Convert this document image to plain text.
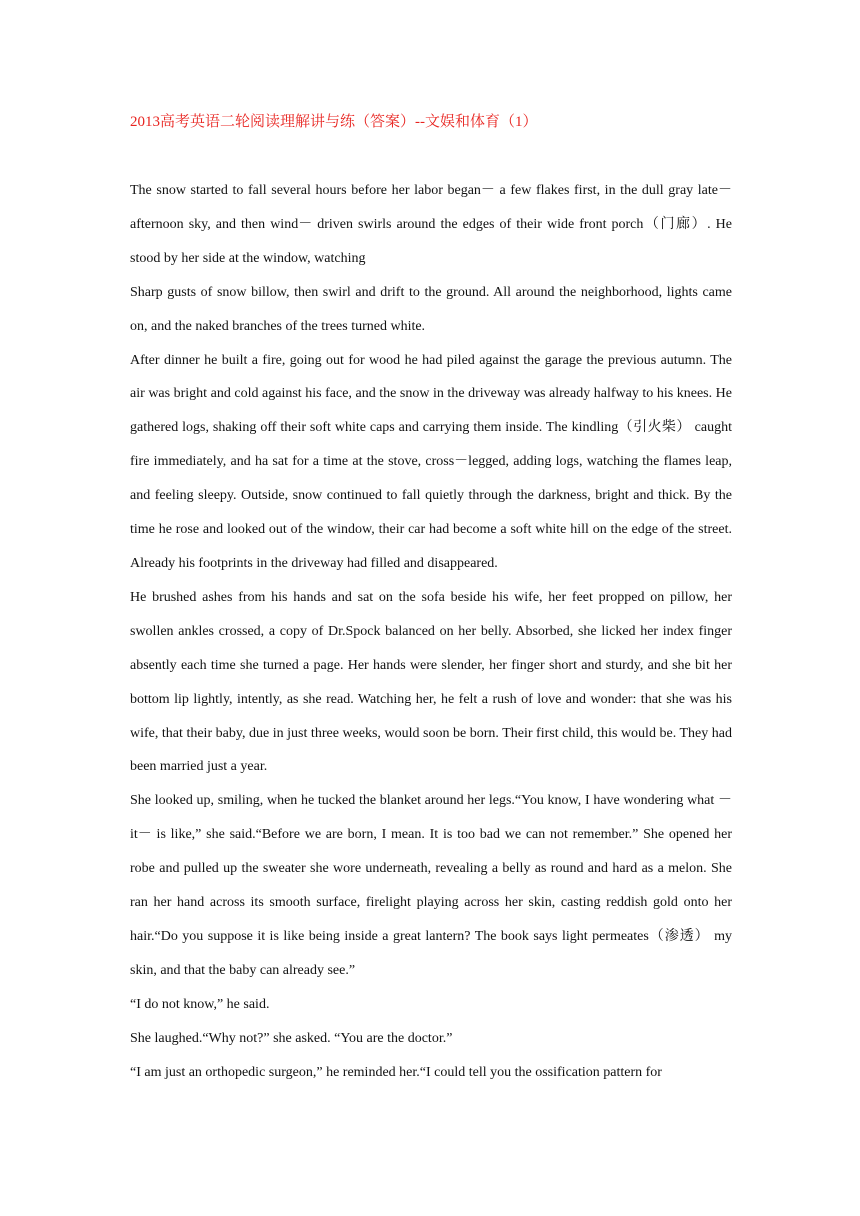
2013高考英语二轮阅读理解讲与练（答案）--文娱和体育（1）

The snow started to fall several hours before her labor began－ a few flakes first, in the dull gray late－ afternoon sky, and then wind－ driven swirls around the edges of their wide front porch（门廊）. He stood by her side at the window, watching

Sharp gusts of snow billow, then swirl and drift to the ground. All around the neighborhood, lights came on, and the naked branches of the trees turned white.

After dinner he built a fire, going out for wood he had piled against the garage the previous autumn. The air was bright and cold against his face, and the snow in the driveway was already halfway to his knees. He gathered logs, shaking off their soft white caps and carrying them inside. The kindling（引火柴） caught fire immediately, and ha sat for a time at the stove, cross－legged, adding logs, watching the flames leap, and feeling sleepy. Outside, snow continued to fall quietly through the darkness, bright and thick. By the time he rose and looked out of the window, their car had become a soft white hill on the edge of the street. Already his footprints in the driveway had filled and disappeared.

He brushed ashes from his hands and sat on the sofa beside his wife, her feet propped on pillow, her swollen ankles crossed, a copy of Dr.Spock balanced on her belly. Absorbed, she licked her index finger absently each time she turned a page. Her hands were slender, her finger short and sturdy, and she bit her bottom lip lightly, intently, as she read. Watching her, he felt a rush of love and wonder: that she was his wife, that their baby, due in just three weeks, would soon be born. Their first child, this would be. They had been married just a year.

She looked up, smiling, when he tucked the blanket around her legs.“You know, I have wondering what －it－ is like,” she said.“Before we are born, I mean. It is too bad we can not remember.” She opened her robe and pulled up the sweater she wore underneath, revealing a belly as round and hard as a melon. She ran her hand across its smooth surface, firelight playing across her skin, casting reddish gold onto her hair.“Do you suppose it is like being inside a great lantern? The book says light permeates（渗透） my skin, and that the baby can already see.”

“I do not know,” he said.

She laughed.“Why not?” she asked. “You are the doctor.”

“I am just an orthopedic surgeon,” he reminded her.“I could tell you the ossification pattern for
